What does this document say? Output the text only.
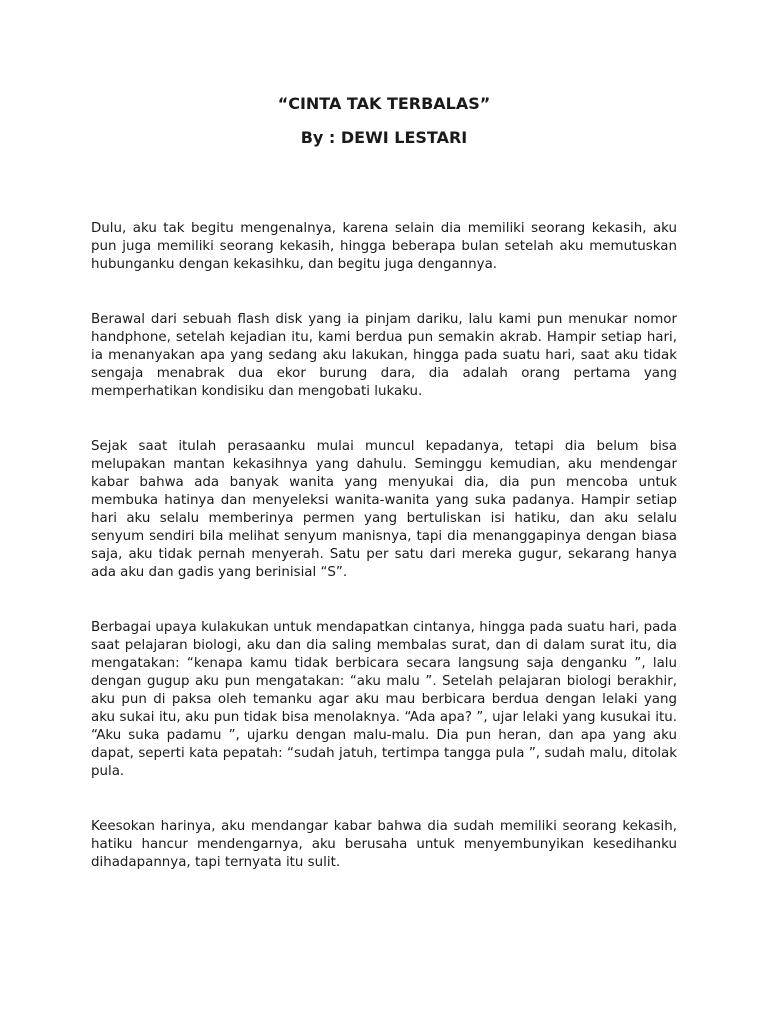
“CINTA TAK TERBALAS”
By : DEWI LESTARI

Dulu, aku tak begitu mengenalnya, karena selain dia memiliki seorang kekasih, aku pun juga memiliki seorang kekasih, hingga beberapa bulan setelah aku memutuskan hubunganku dengan kekasihku, dan begitu juga dengannya.

Berawal dari sebuah flash disk yang ia pinjam dariku, lalu kami pun menukar nomor handphone, setelah kejadian itu, kami berdua pun semakin akrab. Hampir setiap hari, ia menanyakan apa yang sedang aku lakukan, hingga pada suatu hari, saat aku tidak sengaja menabrak dua ekor burung dara, dia adalah orang pertama yang memperhatikan kondisiku dan mengobati lukaku.

Sejak saat itulah perasaanku mulai muncul kepadanya, tetapi dia belum bisa melupakan mantan kekasihnya yang dahulu. Seminggu kemudian, aku mendengar kabar bahwa ada banyak wanita yang menyukai dia, dia pun mencoba untuk membuka hatinya dan menyeleksi wanita-wanita yang suka padanya. Hampir setiap hari aku selalu memberinya permen yang bertuliskan isi hatiku, dan aku selalu senyum sendiri bila melihat senyum manisnya, tapi dia menanggapinya dengan biasa saja, aku tidak pernah menyerah. Satu per satu dari mereka gugur, sekarang hanya ada aku dan gadis yang berinisial “S”.

Berbagai upaya kulakukan untuk mendapatkan cintanya, hingga pada suatu hari, pada saat pelajaran biologi, aku dan dia saling membalas surat, dan di dalam surat itu, dia mengatakan: “kenapa kamu tidak berbicara secara langsung saja denganku ”, lalu dengan gugup aku pun mengatakan: “aku malu ”. Setelah pelajaran biologi berakhir, aku pun di paksa oleh temanku agar aku mau berbicara berdua dengan lelaki yang aku sukai itu, aku pun tidak bisa menolaknya. “Ada apa? ”, ujar lelaki yang kusukai itu. “Aku suka padamu ”, ujarku dengan malu-malu. Dia pun heran, dan apa yang aku dapat, seperti kata pepatah: “sudah jatuh, tertimpa tangga pula ”, sudah malu, ditolak pula.

Keesokan harinya, aku mendangar kabar bahwa dia sudah memiliki seorang kekasih, hatiku hancur mendengarnya, aku berusaha untuk menyembunyikan kesedihanku dihadapannya, tapi ternyata itu sulit.
